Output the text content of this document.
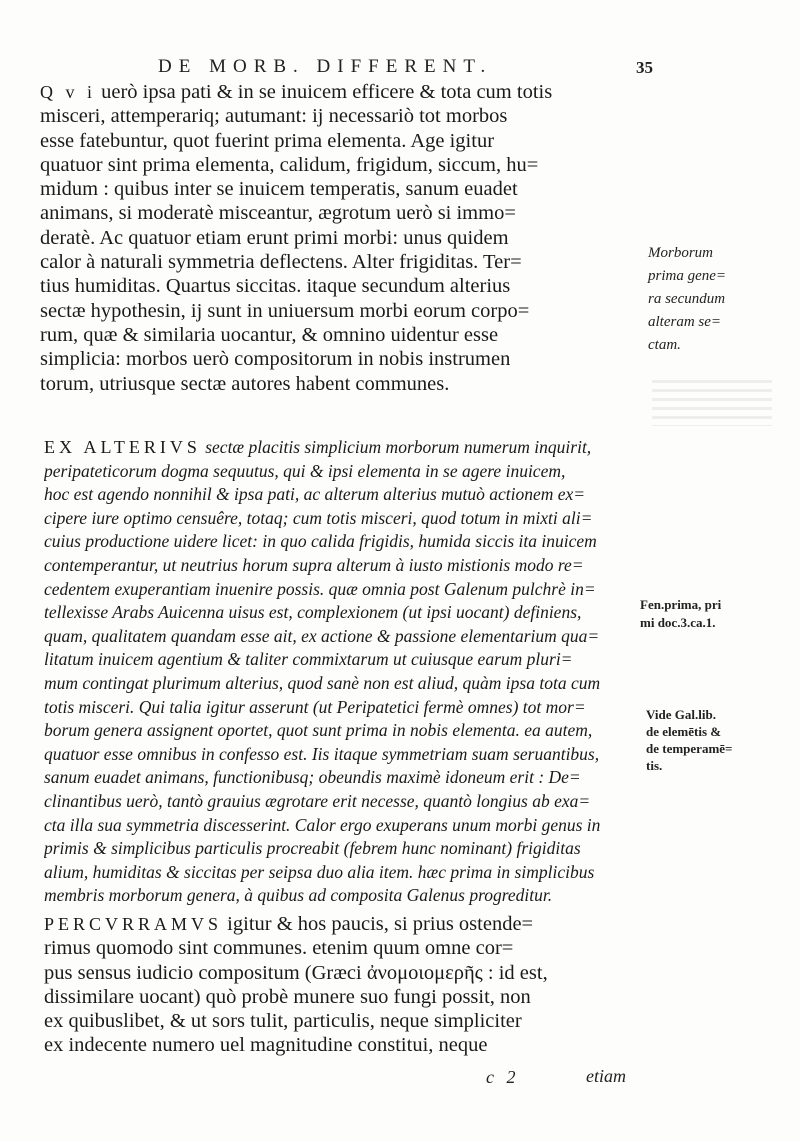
DE MORB. DIFFERENT.	35
Q v i uerò ipsa pati & in se inuicem efficere & tota cum totis
misceri, attemperariq; autumant: ij necessariò tot morbos
esse fatebuntur, quot fuerint prima elementa. Age igitur
quatuor sint prima elementa, calidum, frigidum, siccum, hu=
midum : quibus inter se inuicem temperatis, sanum euadet
animans, si moderatè misceantur, ægrotum uerò si immo=
deratè. Ac quatuor etiam erunt primi morbi: unus quidem
calor à naturali symmetria deflectens. Alter frigiditas. Ter=
tius humiditas. Quartus siccitas. itaque secundum alterius
sectæ hypothesin, ij sunt in uniuersum morbi eorum corpo=
rum, quæ & similaria uocantur, & omnino uidentur esse
simplicia: morbos uerò compositorum in nobis instrumen
torum, utriusque sectæ autores habent communes.
EX ALTERIVS sectæ placitis simplicium morborum numerum inquirit,
peripateticorum dogma sequutus, qui & ipsi elementa in se agere inuicem,
hoc est agendo nonnihil & ipsa pati, ac alterum alterius mutuò actionem ex=
cipere iure optimo censuêre, totaq; cum totis misceri, quod totum in mixti ali=
cuius productione uidere licet: in quo calida frigidis, humida siccis ita inuicem
contemperantur, ut neutrius horum supra alterum à iusto mistionis modo re=
cedentem exuperantiam inuenire possis. quæ omnia post Galenum pulchrè in=
tellexisse Arabs Auicenna uisus est, complexionem (ut ipsi uocant) definiens,
quam, qualitatem quandam esse ait, ex actione & passione elementarium qua=
litatum inuicem agentium & taliter commixtarum ut cuiusque earum pluri=
mum contingat plurimum alterius, quod sanè non est aliud, quàm ipsa tota cum
totis misceri. Qui talia igitur asserunt (ut Peripatetici fermè omnes) tot mor=
borum genera assignent oportet, quot sunt prima in nobis elementa. ea autem,
quatuor esse omnibus in confesso est. Iis itaque symmetriam suam seruantibus,
sanum euadet animans, functionibusq; obeundis maximè idoneum erit : De=
clinantibus uerò, tantò grauius ægrotare erit necesse, quantò longius ab exa=
cta illa sua symmetria discesserint. Calor ergo exuperans unum morbi genus in
primis & simplicibus particulis procreabit (febrem hunc nominant) frigiditas
alium, humiditas & siccitas per seipsa duo alia item. hæc prima in simplicibus
membris morborum genera, à quibus ad composita Galenus progreditur.
PERCVRRAMVS igitur & hos paucis, si prius ostende=
rimus quomodo sint communes. etenim quum omne cor=
pus sensus iudicio compositum (Græci ἀνομοιομερῆς : id est,
dissimilare uocant) quò probè munere suo fungi possit, non
ex quibuslibet, & ut sors tulit, particulis, neque simpliciter
ex indecente numero uel magnitudine constitui, neque
Morborum
prima gene=
ra secundum
alteram se=
ctam.
Fen.prima, pri
mi doc.3.ca.1.
Vide Gal.lib.
de elemētis &
de temperamē=
tis.
c 2	etiam
